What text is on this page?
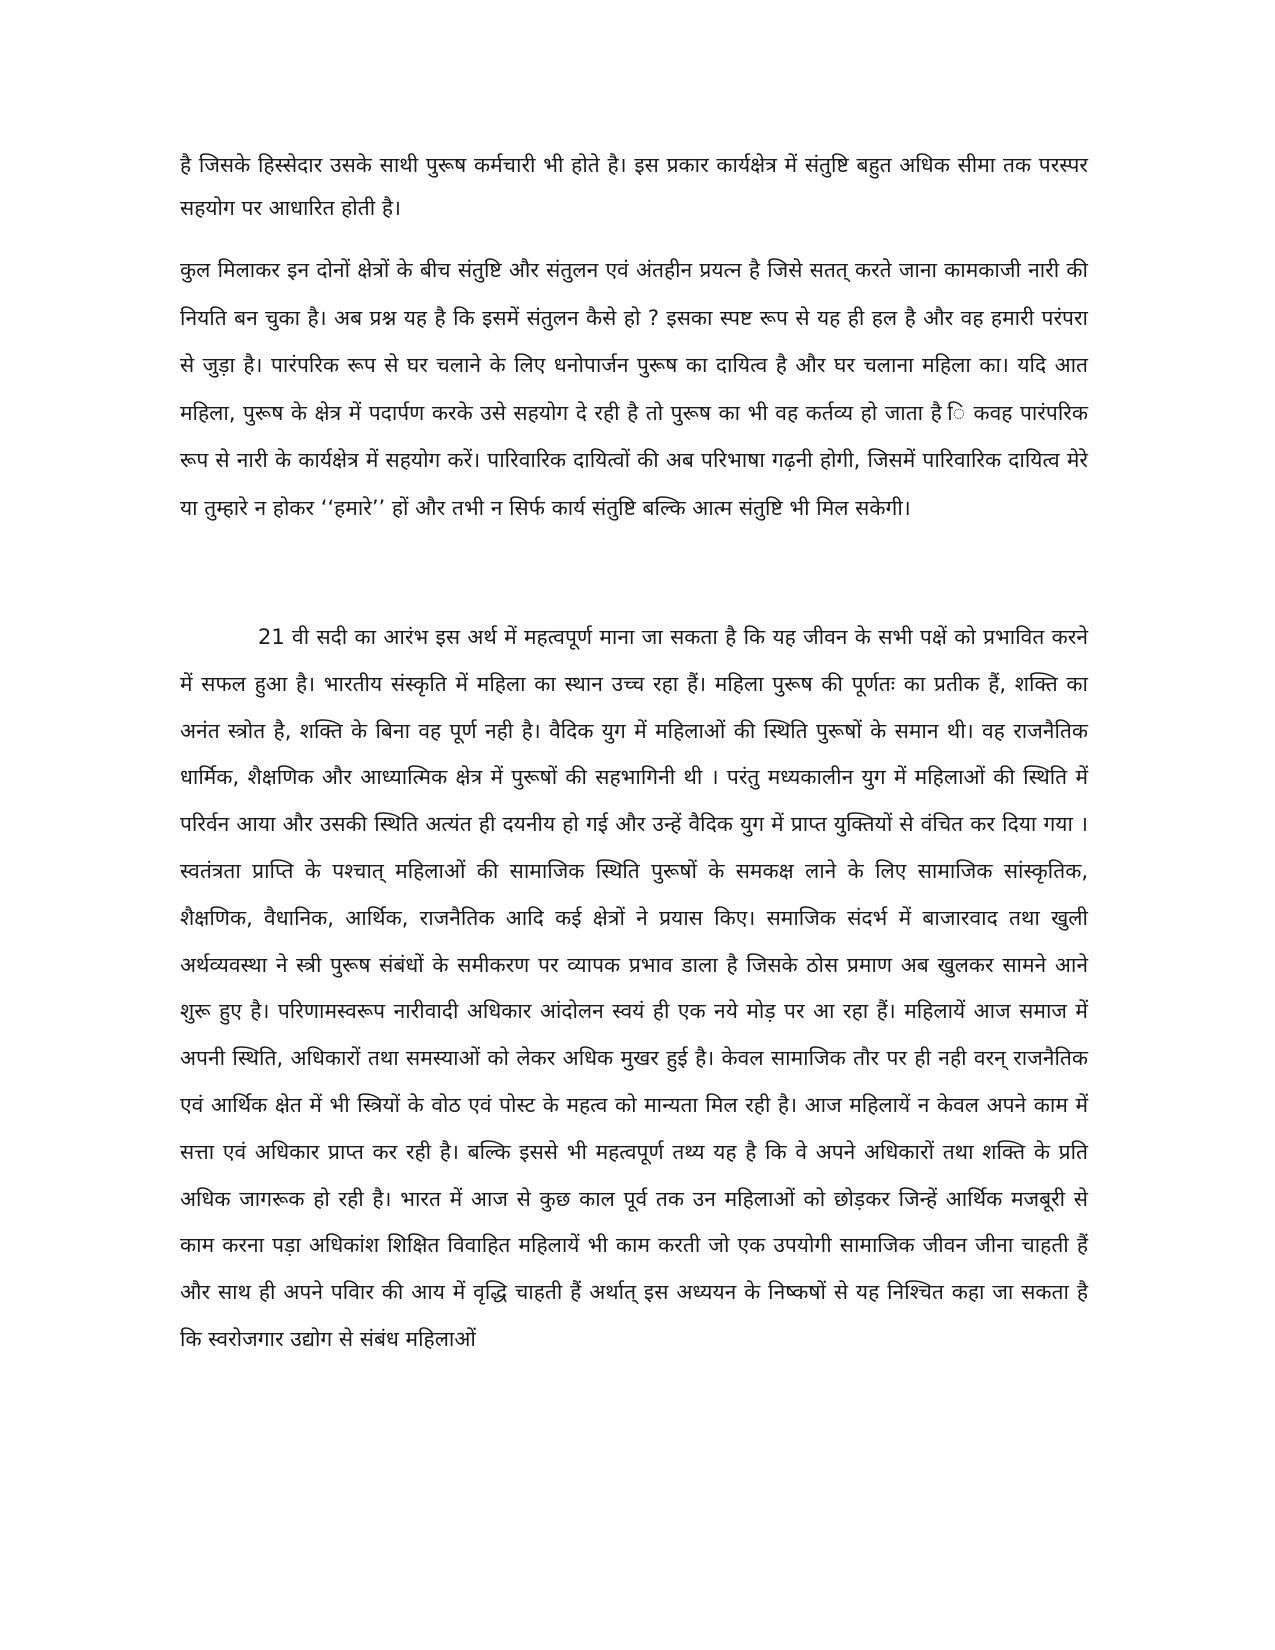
है जिसके हिस्सेदार उसके साथी पुरूष कर्मचारी भी होते है। इस प्रकार कार्यक्षेत्र में संतुष्टि बहुत अधिक सीमा तक परस्पर सहयोग पर आधारित होती है।

कुल मिलाकर इन दोनों क्षेत्रों के बीच संतुष्टि और संतुलन एवं अंतहीन प्रयत्न है जिसे सतत् करते जाना कामकाजी नारी की नियति बन चुका है। अब प्रश्न यह है कि इसमें संतुलन कैसे हो ? इसका स्पष्ट रूप से यह ही हल है और वह हमारी परंपरा से जुड़ा है। पारंपरिक रूप से घर चलाने के लिए धनोपार्जन पुरूष का दायित्व है और घर चलाना महिला का। यदि आत महिला, पुरूष के क्षेत्र में पदार्पण करके उसे सहयोग दे रही है तो पुरूष का भी वह कर्तव्य हो जाता है ि कवह पारंपरिक रूप से नारी के कार्यक्षेत्र में सहयोग करें। पारिवारिक दायित्वों की अब परिभाषा गढ़नी होगी, जिसमें पारिवारिक दायित्व मेरे या तुम्हारे न होकर ‘‘हमारे’’ हों और तभी न सिर्फ कार्य संतुष्टि बल्कि आत्म संतुष्टि भी मिल सकेगी।

21 वी सदी का आरंभ इस अर्थ में महत्वपूर्ण माना जा सकता है कि यह जीवन के सभी पक्षें को प्रभावित करने में सफल हुआ है। भारतीय संस्कृति में महिला का स्थान उच्च रहा हैं। महिला पुरूष की पूर्णतः का प्रतीक हैं, शक्ति का अनंत स्त्रोत है, शक्ति के बिना वह पूर्ण नही है। वैदिक युग में महिलाओं की स्थिति पुरूषों के समान थी। वह राजनैतिक धार्मिक, शैक्षणिक और आध्यात्मिक क्षेत्र में पुरूषों की सहभागिनी थी । परंतु मध्यकालीन युग में महिलाओं की स्थिति में परिर्वन आया और उसकी स्थिति अत्यंत ही दयनीय हो गई और उन्हें वैदिक युग में प्राप्त युक्तियों से वंचित कर दिया गया । स्वतंत्रता प्राप्ति के पश्चात् महिलाओं की सामाजिक स्थिति पुरूषों के समकक्ष लाने के लिए सामाजिक सांस्कृतिक, शैक्षणिक, वैधानिक, आर्थिक, राजनैतिक आदि कई क्षेत्रों ने प्रयास किए। समाजिक संदर्भ में बाजारवाद तथा खुली अर्थव्यवस्था ने स्त्री पुरूष संबंधों के समीकरण पर व्यापक प्रभाव डाला है जिसके ठोस प्रमाण अब खुलकर सामने आने शुरू हुए है। परिणामस्वरूप नारीवादी अधिकार आंदोलन स्वयं ही एक नये मोड़ पर आ रहा हैं। महिलायें आज समाज में अपनी स्थिति, अधिकारों तथा समस्याओं को लेकर अधिक मुखर हुई है। केवल सामाजिक तौर पर ही नही वरन् राजनैतिक एवं आर्थिक क्षेत में भी स्त्रियों के वोठ एवं पोस्ट के महत्व को मान्यता मिल रही है। आज महिलायें न केवल अपने काम में सत्ता एवं अधिकार प्राप्त कर रही है। बल्कि इससे भी महत्वपूर्ण तथ्य यह है कि वे अपने अधिकारों तथा शक्ति के प्रति अधिक जागरूक हो रही है। भारत में आज से कुछ काल पूर्व तक उन महिलाओं को छोड़कर जिन्हें आर्थिक मजबूरी से काम करना पड़ा अधिकांश शिक्षित विवाहित महिलायें भी काम करती जो एक उपयोगी सामाजिक जीवन जीना चाहती हैं और साथ ही अपने पविार की आय में वृद्धि चाहती हैं अर्थात् इस अध्ययन के निष्कषों से यह निश्चित कहा जा सकता है कि स्वरोजगार उद्योग से संबंध महिलाओं
